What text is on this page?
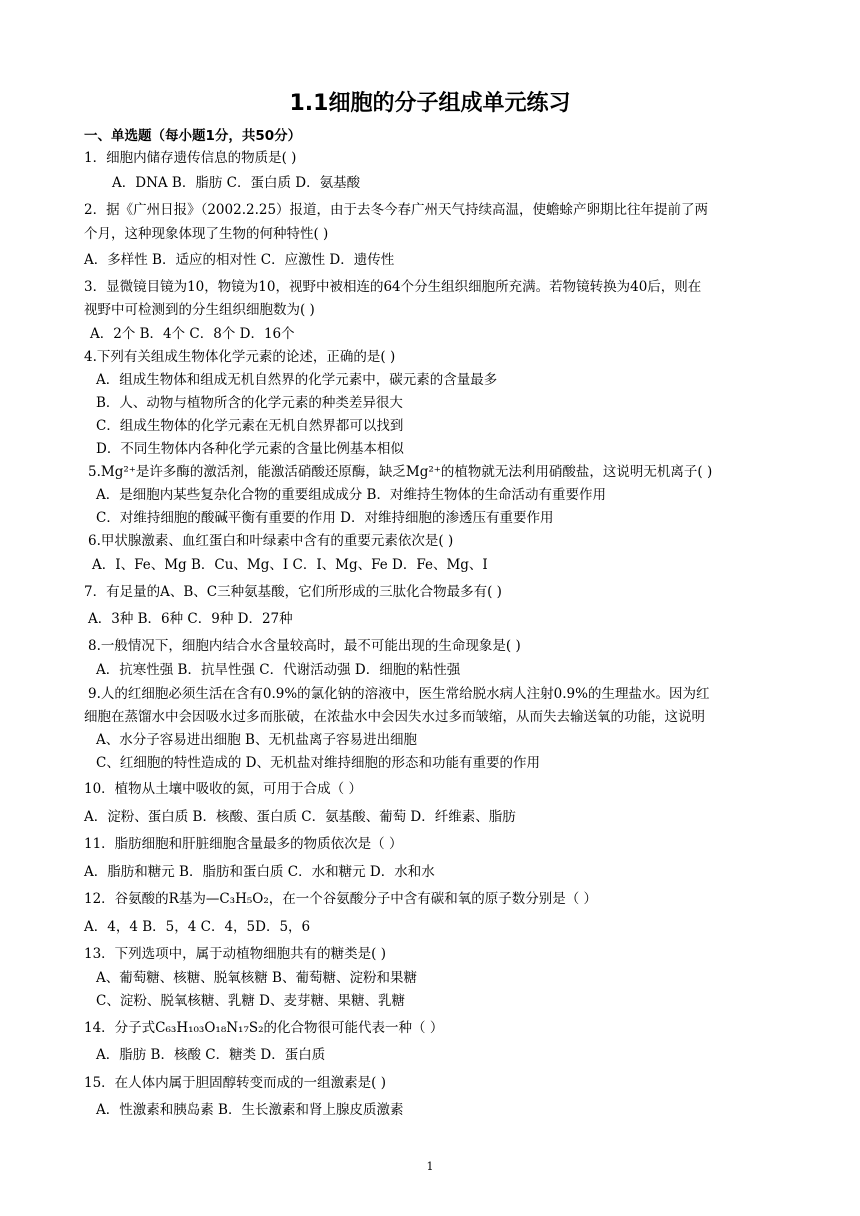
1.1细胞的分子组成单元练习
一、单选题（每小题1分，共50分）
1．细胞内储存遗传信息的物质是( )
A．DNA B．脂肪 C．蛋白质 D．氨基酸
2．据《广州日报》（2002.2.25）报道，由于去冬今春广州天气持续高温，使蟾蜍产卵期比往年提前了两
个月，这种现象体现了生物的何种特性( )
A．多样性 B．适应的相对性 C．应激性 D．遗传性
3．显微镜目镜为10，物镜为10，视野中被相连的64个分生组织细胞所充满。若物镜转换为40后，则在
视野中可检测到的分生组织细胞数为( )
A．2个 B．4个 C．8个 D．16个
4.下列有关组成生物体化学元素的论述，正确的是( )
A．组成生物体和组成无机自然界的化学元素中，碳元素的含量最多
B．人、动物与植物所含的化学元素的种类差异很大
C．组成生物体的化学元素在无机自然界都可以找到
D．不同生物体内各种化学元素的含量比例基本相似
5.Mg²⁺是许多酶的激活剂，能激活硝酸还原酶，缺乏Mg²⁺的植物就无法利用硝酸盐，这说明无机离子( )
A．是细胞内某些复杂化合物的重要组成成分 B．对维持生物体的生命活动有重要作用
C．对维持细胞的酸碱平衡有重要的作用 D．对维持细胞的渗透压有重要作用
6.甲状腺激素、血红蛋白和叶绿素中含有的重要元素依次是( )
A．I、Fe、Mg B．Cu、Mg、I C．I、Mg、Fe D．Fe、Mg、I
7．有足量的A、B、C三种氨基酸，它们所形成的三肽化合物最多有( )
A．3种 B．6种 C．9种 D．27种
8.一般情况下，细胞内结合水含量较高时，最不可能出现的生命现象是( )
A．抗寒性强 B．抗旱性强 C．代谢活动强 D．细胞的粘性强
9.人的红细胞必须生活在含有0.9%的氯化钠的溶液中，医生常给脱水病人注射0.9%的生理盐水。因为红
细胞在蒸馏水中会因吸水过多而胀破，在浓盐水中会因失水过多而皱缩，从而失去输送氧的功能，这说明
A、水分子容易进出细胞 B、无机盐离子容易进出细胞
C、红细胞的特性造成的 D、无机盐对维持细胞的形态和功能有重要的作用
10．植物从土壤中吸收的氮，可用于合成（ ）
A．淀粉、蛋白质 B．核酸、蛋白质 C．氨基酸、葡萄 D．纤维素、脂肪
11．脂肪细胞和肝脏细胞含量最多的物质依次是（ ）
A．脂肪和糖元 B．脂肪和蛋白质 C．水和糖元 D．水和水
12．谷氨酸的R基为—C₃H₅O₂，在一个谷氨酸分子中含有碳和氧的原子数分别是（ ）
A．4，4 B．5，4 C．4，5D．5，6
13．下列选项中，属于动植物细胞共有的糖类是( )
A、葡萄糖、核糖、脱氧核糖 B、葡萄糖、淀粉和果糖
C、淀粉、脱氧核糖、乳糖 D、麦芽糖、果糖、乳糖
14．分子式C₆₃H₁₀₃O₁₈N₁₇S₂的化合物很可能代表一种（ ）
A．脂肪 B．核酸 C．糖类 D．蛋白质
15．在人体内属于胆固醇转变而成的一组激素是( )
A．性激素和胰岛素 B．生长激素和肾上腺皮质激素
1
